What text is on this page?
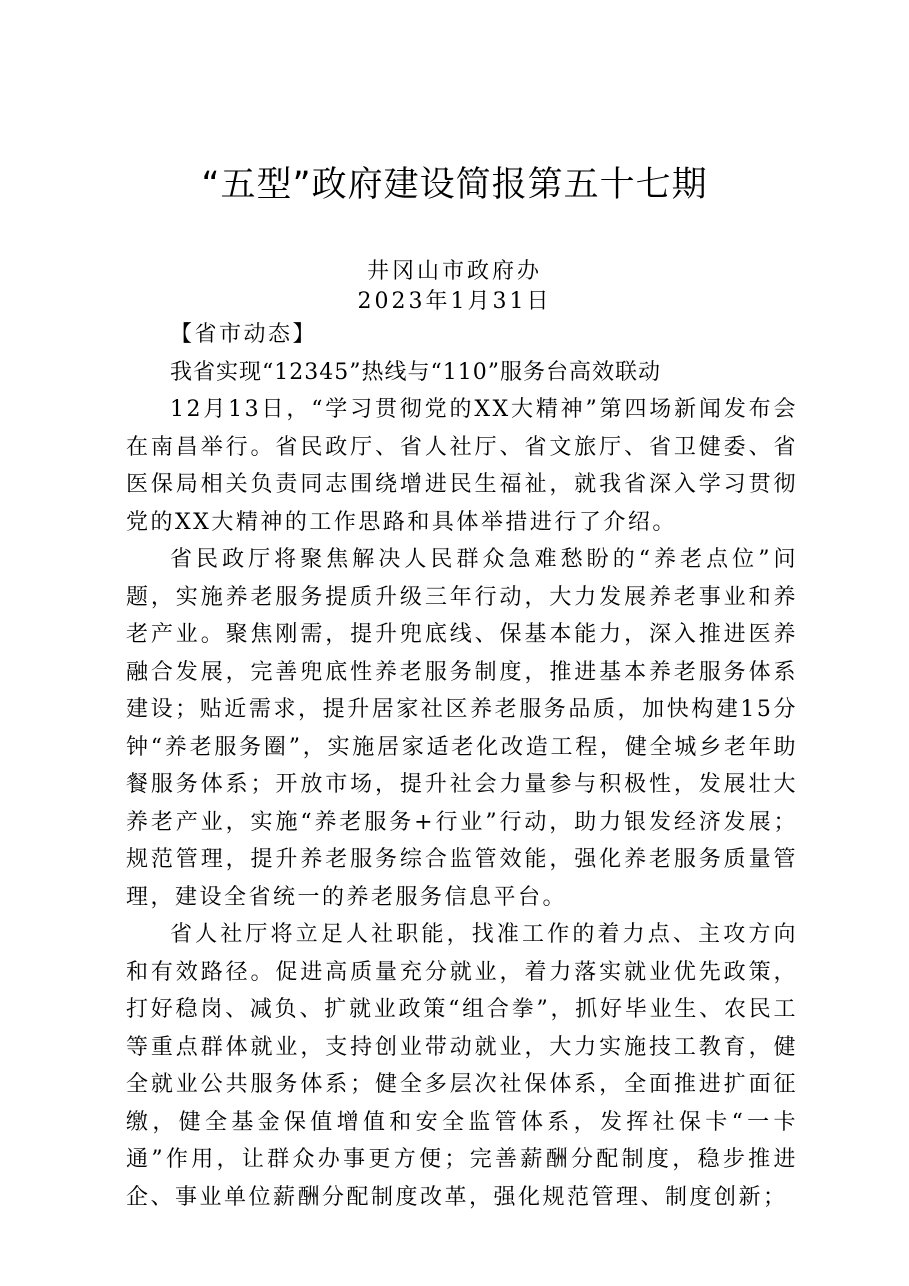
“五型”政府建设简报第五十七期
井冈山市政府办
2023年1月31日

【省市动态】

我省实现“12345”热线与“110”服务台高效联动

12月13日，“学习贯彻党的XX大精神”第四场新闻发布会在南昌举行。省民政厅、省人社厅、省文旅厅、省卫健委、省医保局相关负责同志围绕增进民生福祉，就我省深入学习贯彻党的XX大精神的工作思路和具体举措进行了介绍。

省民政厅将聚焦解决人民群众急难愁盼的“养老点位”问题，实施养老服务提质升级三年行动，大力发展养老事业和养老产业。聚焦刚需，提升兜底线、保基本能力，深入推进医养融合发展，完善兜底性养老服务制度，推进基本养老服务体系建设；贴近需求，提升居家社区养老服务品质，加快构建15分钟“养老服务圈”，实施居家适老化改造工程，健全城乡老年助餐服务体系；开放市场，提升社会力量参与积极性，发展壮大养老产业，实施“养老服务+行业”行动，助力银发经济发展；规范管理，提升养老服务综合监管效能，强化养老服务质量管理，建设全省统一的养老服务信息平台。

省人社厅将立足人社职能，找准工作的着力点、主攻方向和有效路径。促进高质量充分就业，着力落实就业优先政策，打好稳岗、减负、扩就业政策“组合拳”，抓好毕业生、农民工等重点群体就业，支持创业带动就业，大力实施技工教育，健全就业公共服务体系；健全多层次社保体系，全面推进扩面征缴，健全基金保值增值和安全监管体系，发挥社保卡“一卡通”作用，让群众办事更方便；完善薪酬分配制度，稳步推进企、事业单位薪酬分配制度改革，强化规范管理、制度创新；
